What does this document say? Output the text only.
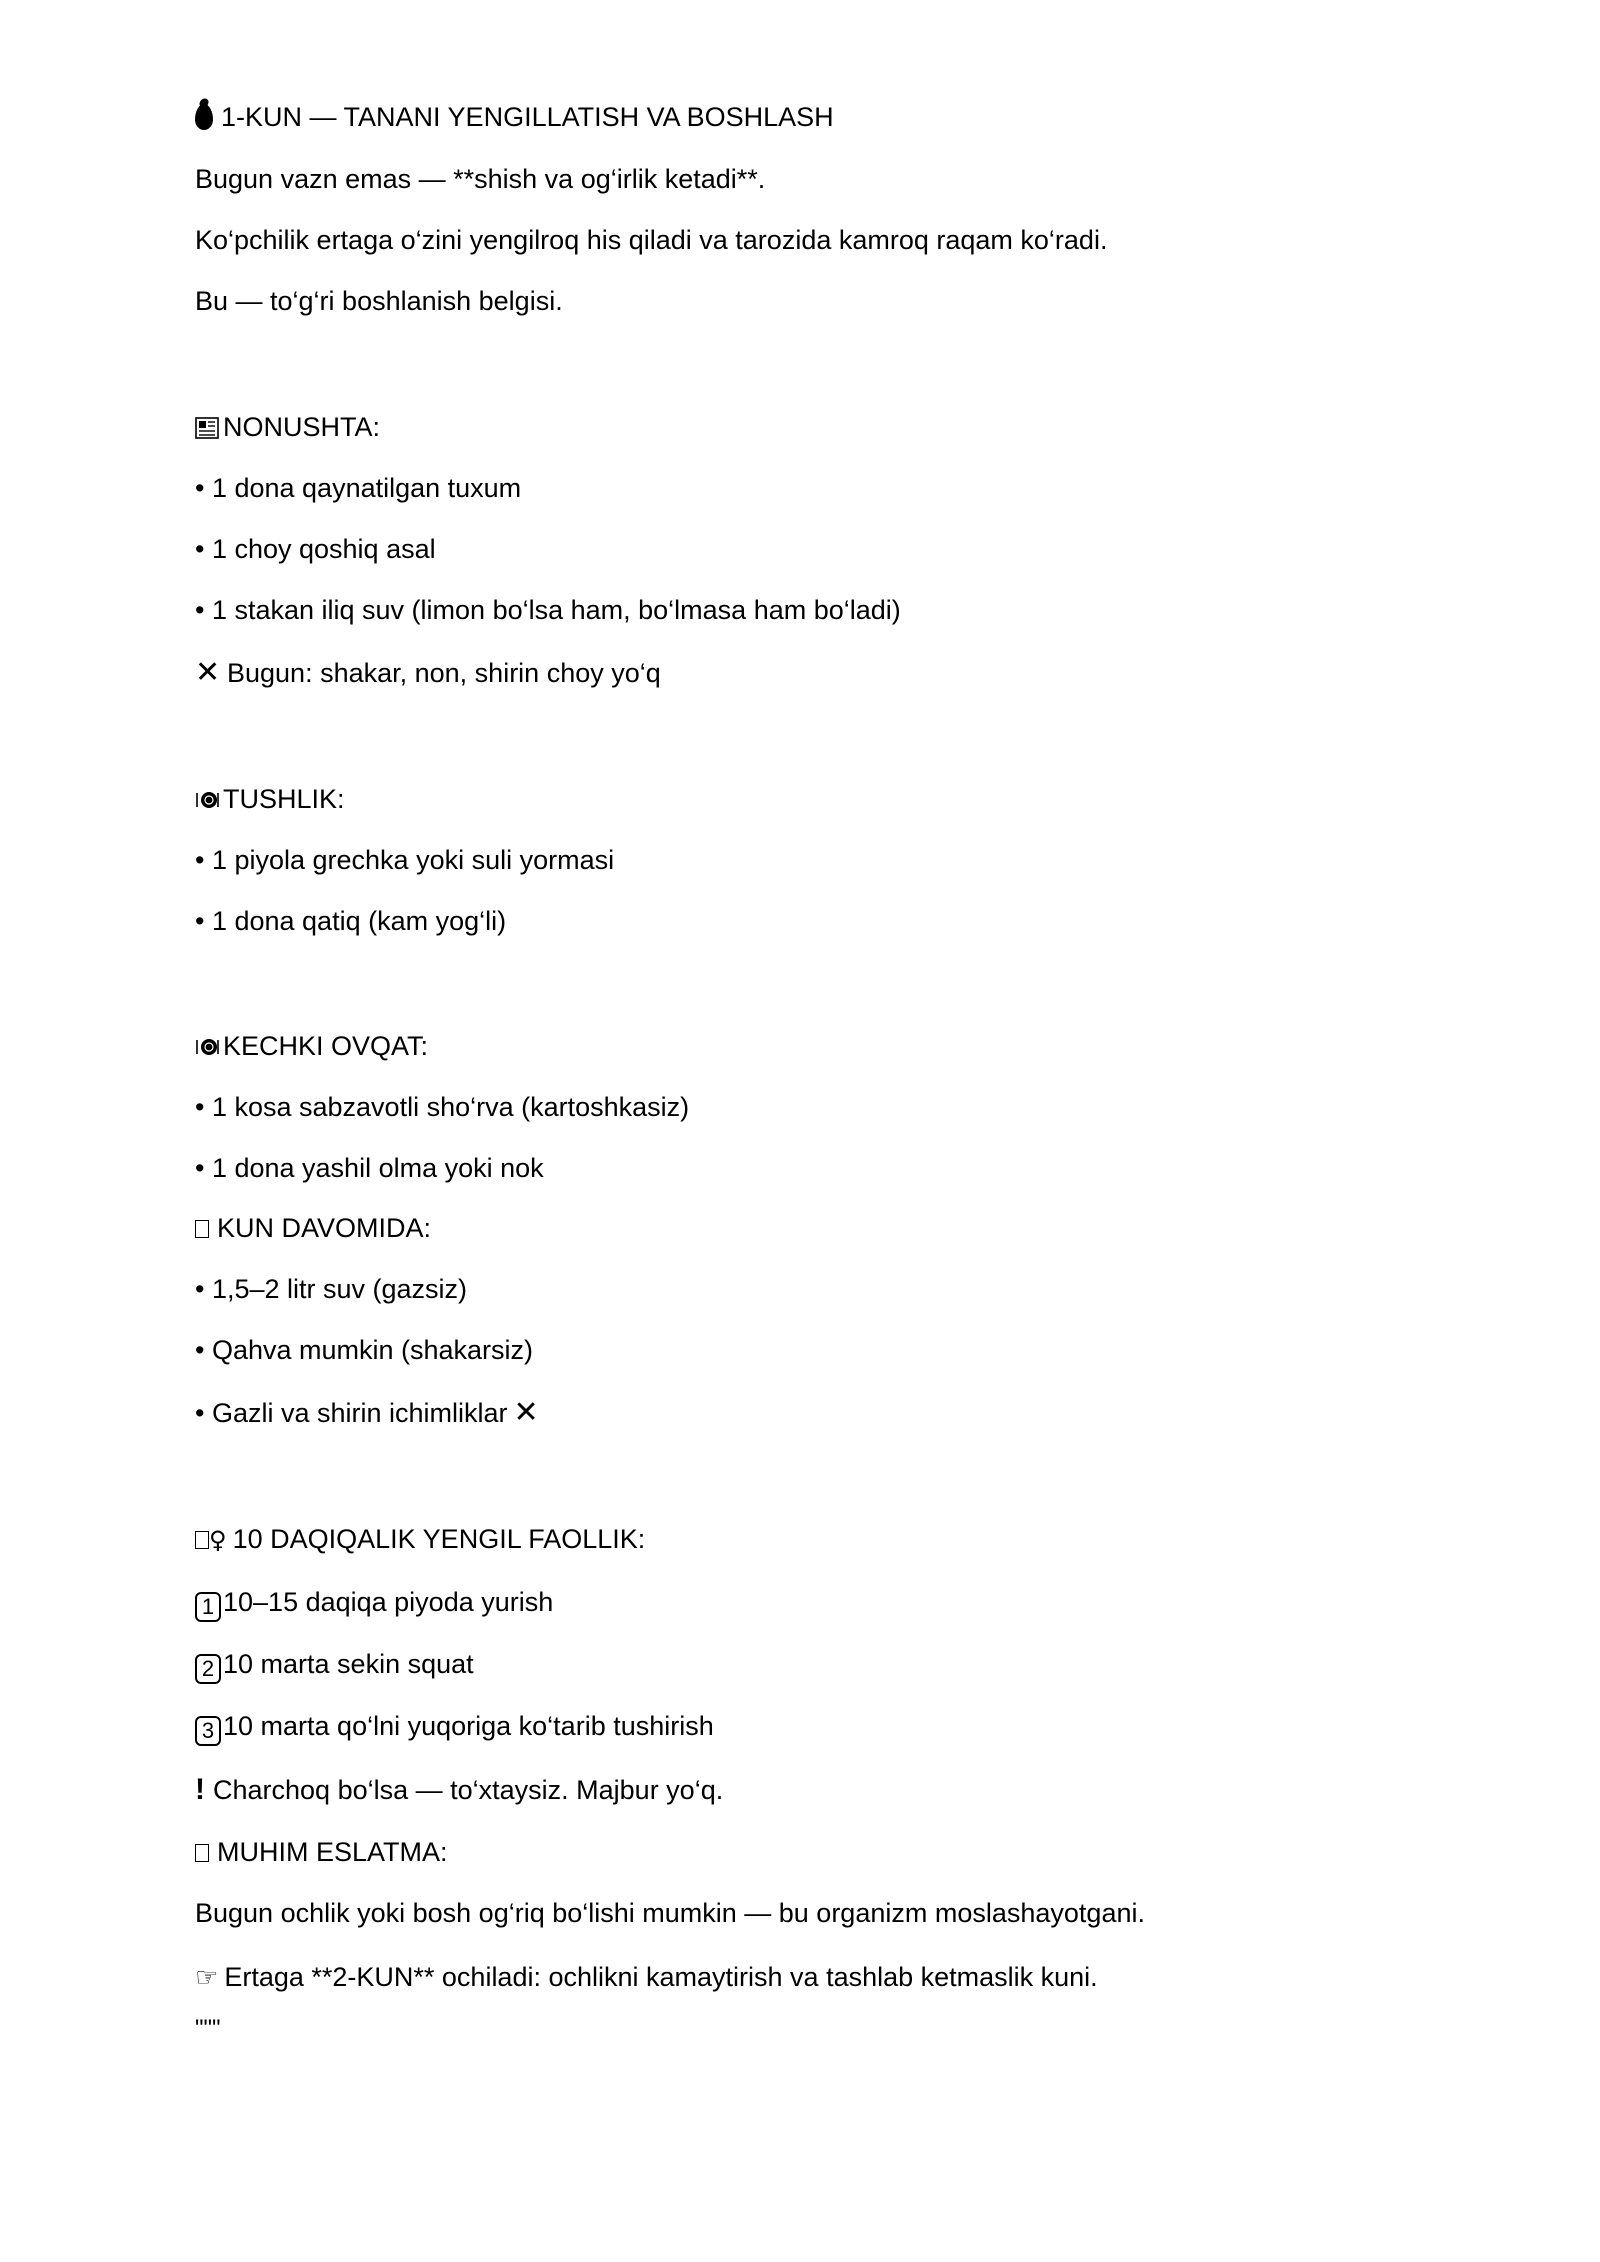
1-KUN — TANANI YENGILLATISH VA BOSHLASH
Bugun vazn emas — **shish va og‘irlik ketadi**.
Ko‘pchilik ertaga o‘zini yengilroq his qiladi va tarozida kamroq raqam ko‘radi.
Bu — to‘g‘ri boshlanish belgisi.
NONUSHTA:
• 1 dona qaynatilgan tuxum
• 1 choy qoshiq asal
• 1 stakan iliq suv (limon bo‘lsa ham, bo‘lmasa ham bo‘ladi)
✕ Bugun: shakar, non, shirin choy yo‘q
TUSHLIK:
• 1 piyola grechka yoki suli yormasi
• 1 dona qatiq (kam yog‘li)
KECHKI OVQAT:
• 1 kosa sabzavotli sho‘rva (kartoshkasiz)
• 1 dona yashil olma yoki nok
KUN DAVOMIDA:
• 1,5–2 litr suv (gazsiz)
• Qahva mumkin (shakarsiz)
• Gazli va shirin ichimliklar ✕
♀ 10 DAQIQALIK YENGIL FAOLLIK:
1 10–15 daqiqa piyoda yurish
2 10 marta sekin squat
3 10 marta qo‘lni yuqoriga ko‘tarib tushirish
! Charchoq bo‘lsa — to‘xtaysiz. Majbur yo‘q.
MUHIM ESLATMA:
Bugun ochlik yoki bosh og‘riq bo‘lishi mumkin — bu organizm moslashayotgani.
☞ Ertaga **2-KUN** ochiladi: ochlikni kamaytirish va tashlab ketmaslik kuni.
"""
